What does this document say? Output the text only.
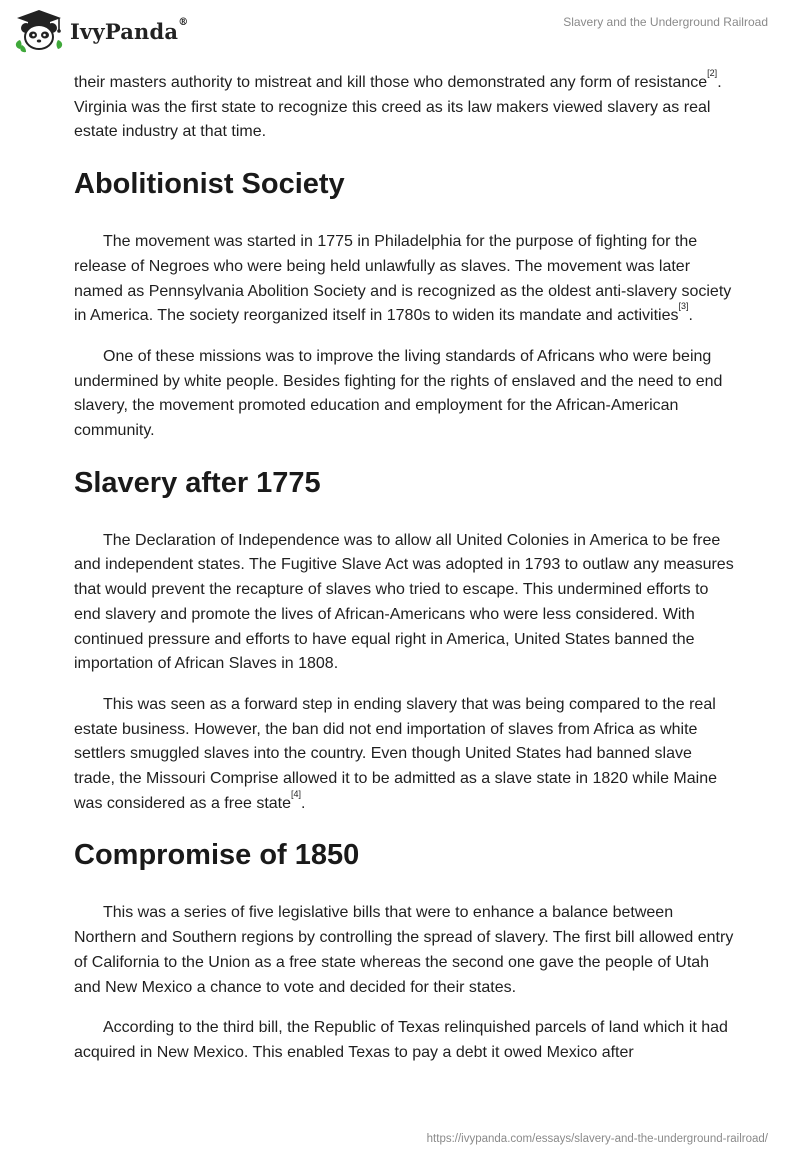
IvyPanda®	Slavery and the Underground Railroad

their masters authority to mistreat and kill those who demonstrated any form of resistance[2]. Virginia was the first state to recognize this creed as its law makers viewed slavery as real estate industry at that time.

Abolitionist Society

The movement was started in 1775 in Philadelphia for the purpose of fighting for the release of Negroes who were being held unlawfully as slaves. The movement was later named as Pennsylvania Abolition Society and is recognized as the oldest anti-slavery society in America. The society reorganized itself in 1780s to widen its mandate and activities[3].

One of these missions was to improve the living standards of Africans who were being undermined by white people. Besides fighting for the rights of enslaved and the need to end slavery, the movement promoted education and employment for the African-American community.

Slavery after 1775

The Declaration of Independence was to allow all United Colonies in America to be free and independent states. The Fugitive Slave Act was adopted in 1793 to outlaw any measures that would prevent the recapture of slaves who tried to escape. This undermined efforts to end slavery and promote the lives of African-Americans who were less considered. With continued pressure and efforts to have equal right in America, United States banned the importation of African Slaves in 1808.

This was seen as a forward step in ending slavery that was being compared to the real estate business. However, the ban did not end importation of slaves from Africa as white settlers smuggled slaves into the country. Even though United States had banned slave trade, the Missouri Comprise allowed it to be admitted as a slave state in 1820 while Maine was considered as a free state[4].

Compromise of 1850

This was a series of five legislative bills that were to enhance a balance between Northern and Southern regions by controlling the spread of slavery. The first bill allowed entry of California to the Union as a free state whereas the second one gave the people of Utah and New Mexico a chance to vote and decided for their states.

According to the third bill, the Republic of Texas relinquished parcels of land which it had acquired in New Mexico. This enabled Texas to pay a debt it owed Mexico after

https://ivypanda.com/essays/slavery-and-the-underground-railroad/
